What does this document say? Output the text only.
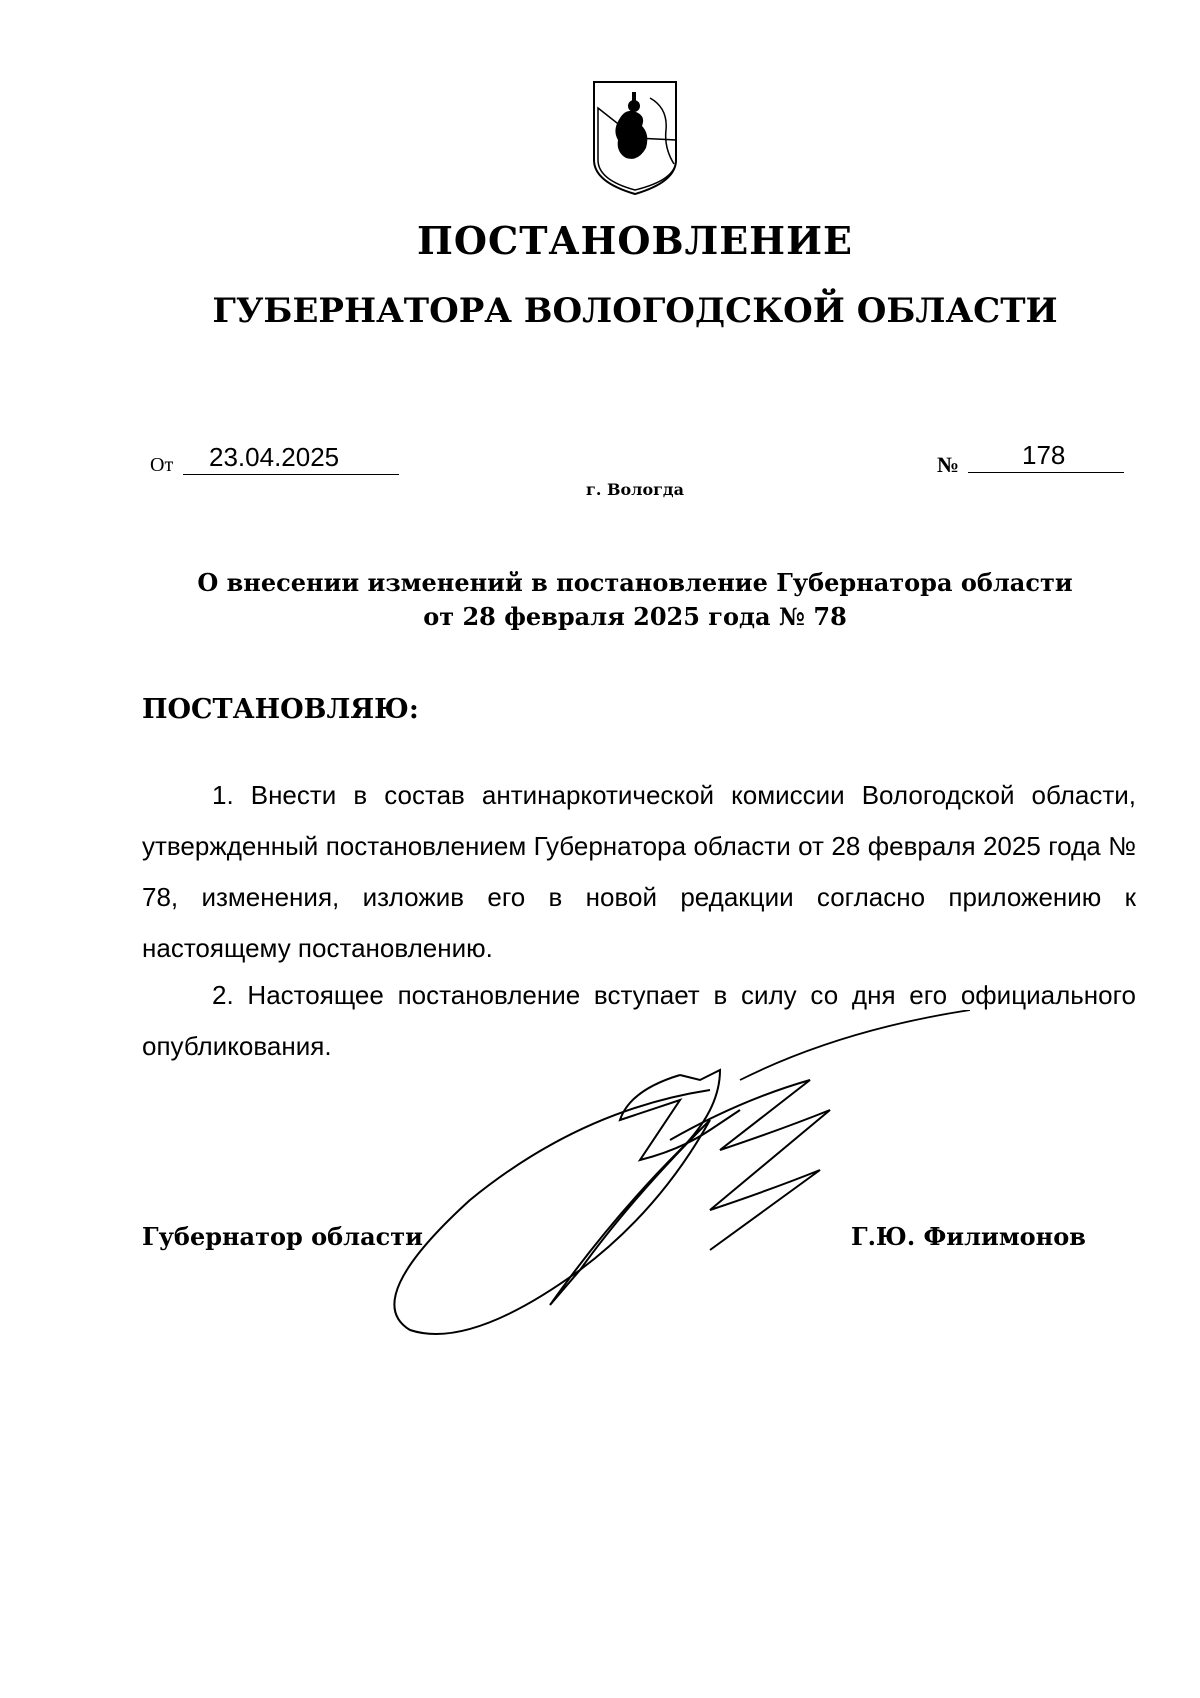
ПОСТАНОВЛЕНИЕ
ГУБЕРНАТОРА ВОЛОГОДСКОЙ ОБЛАСТИ
От 23.04.2025	№ 178
г. Вологда
О внесении изменений в постановление Губернатора области
от 28 февраля 2025 года № 78
ПОСТАНОВЛЯЮ:
1. Внести в состав антинаркотической комиссии Вологодской области, утвержденный постановлением Губернатора области от 28 февраля 2025 года № 78, изменения, изложив его в новой редакции согласно приложению к настоящему постановлению.
2. Настоящее постановление вступает в силу со дня его официального опубликования.
Губернатор области	Г.Ю. Филимонов
